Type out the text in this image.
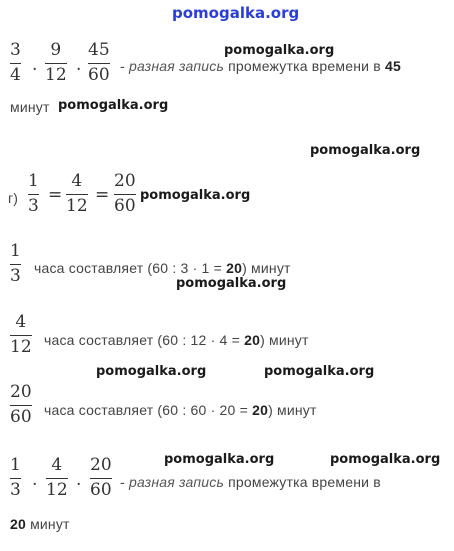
pomogalka.org
3
4 .
9
12 .
45
60 - разная запись промежутка времени в 45
минут
pomogalka.org
pomogalka.org
pomogalka.org
г)
1
3
=
4
12
=
20
60
pomogalka.org
1
3 часа составляет (60 : 3 · 1 = 20) минут
pomogalka.org
4
12 часа составляет (60 : 12 · 4 = 20) минут
pomogalka.org	pomogalka.org
20
60 часа составляет (60 : 60 · 20 = 20) минут
pomogalka.org	pomogalka.org
1
3 .
4
12 .
20
60 - разная запись промежутка времени в
20 минут
